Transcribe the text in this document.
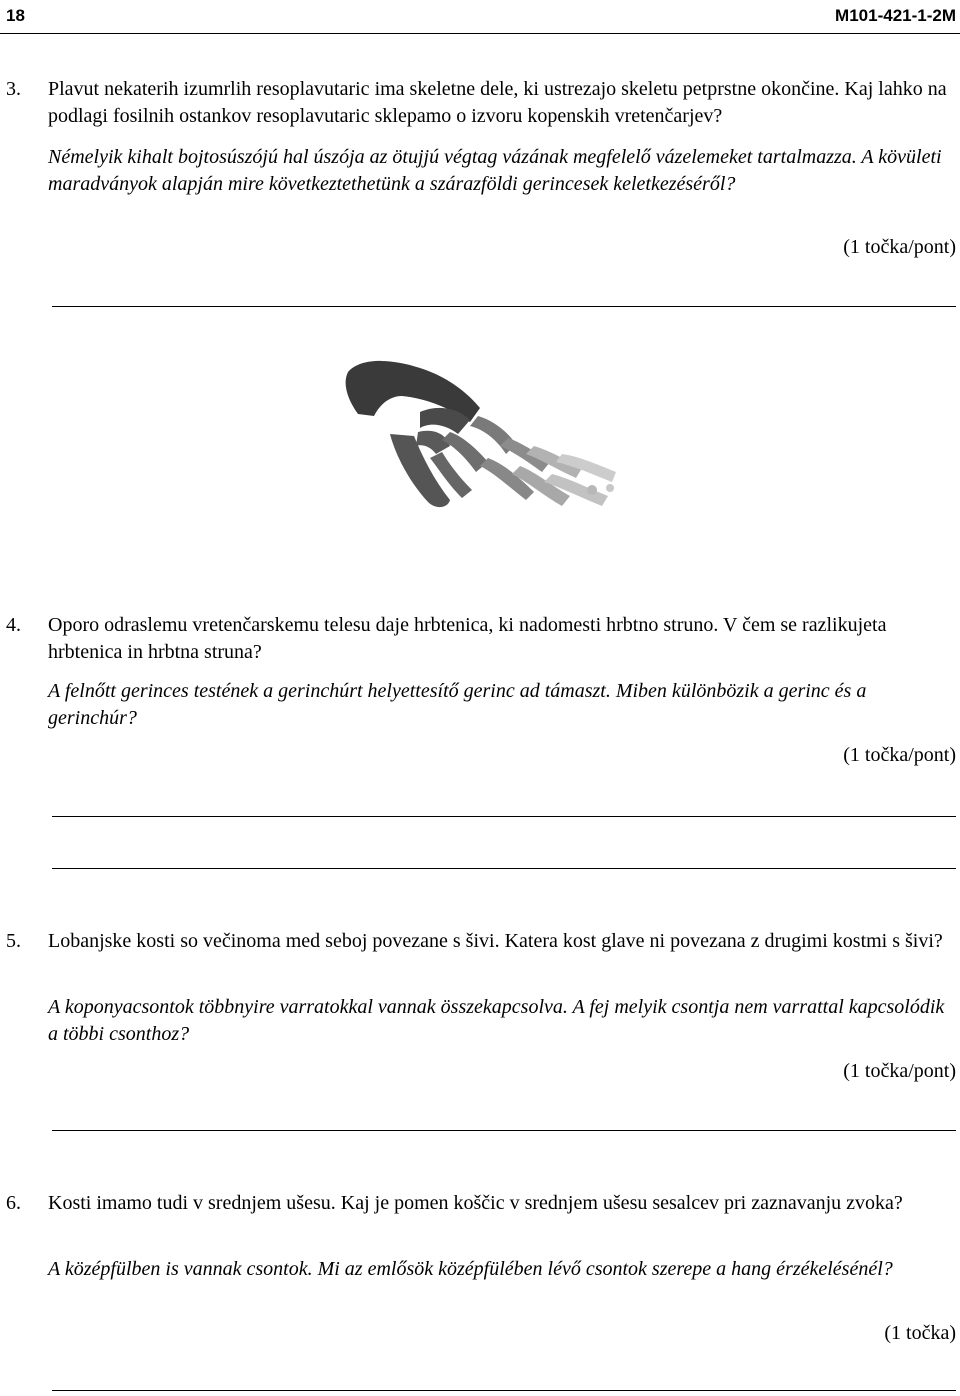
18	M101-421-1-2M
3. Plavut nekaterih izumrlih resoplavutaric ima skeletne dele, ki ustrezajo skeletu petprstne okončine. Kaj lahko na podlagi fosilnih ostankov resoplavutaric sklepamo o izvoru kopenskih vretenčarjev?
Némelyik kihalt bojtosúszójú hal úszója az ötujjú végtag vázának megfelelő vázelemeket tartalmazza. A kövületi maradványok alapján mire következtethetünk a szárazföldi gerincesek keletkezéséről?
(1 točka/pont)
4. Oporo odraslemu vretenčarskemu telesu daje hrbtenica, ki nadomesti hrbtno struno. V čem se razlikujeta hrbtenica in hrbtna struna?
A felnőtt gerinces testének a gerinchúrt helyettesítő gerinc ad támaszt. Miben különbözik a gerinc és a gerinchúr?
(1 točka/pont)
5. Lobanjske kosti so večinoma med seboj povezane s šivi. Katera kost glave ni povezana z drugimi kostmi s šivi?
A koponyacsontok többnyire varratokkal vannak összekapcsolva. A fej melyik csontja nem varrattal kapcsolódik a többi csonthoz?
(1 točka/pont)
6. Kosti imamo tudi v srednjem ušesu. Kaj je pomen koščic v srednjem ušesu sesalcev pri zaznavanju zvoka?
A középfülben is vannak csontok. Mi az emlősök középfülében lévő csontok szerepe a hang érzékelésénél?
(1 točka)
